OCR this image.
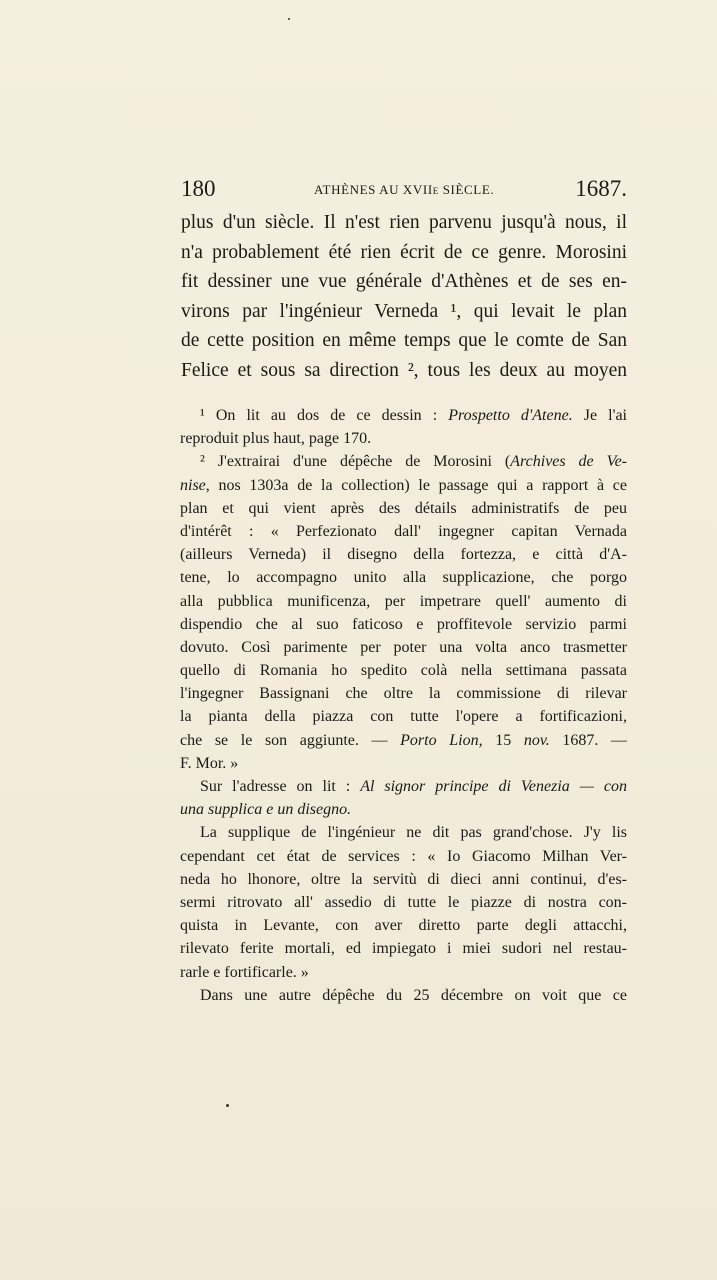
180	ATHÈNES AU XVIIe SIÈCLE.	1687.
plus d'un siècle. Il n'est rien parvenu jusqu'à nous, il
n'a probablement été rien écrit de ce genre. Morosini
fit dessiner une vue générale d'Athènes et de ses en-
virons par l'ingénieur Verneda ¹, qui levait le plan
de cette position en même temps que le comte de San
Felice et sous sa direction ², tous les deux au moyen
¹ On lit au dos de ce dessin : Prospetto d'Atene. Je l'ai
reproduit plus haut, page 170.
² J'extrairai d'une dépêche de Morosini (Archives de Ve-
nise, nos 1303a de la collection) le passage qui a rapport à ce
plan et qui vient après des détails administratifs de peu
d'intérêt : « Perfezionato dall' ingegner capitan Vernada
(ailleurs Verneda) il disegno della fortezza, e città d'A-
tene, lo accompagno unito alla supplicazione, che porgo
alla pubblica munificenza, per impetrare quell' aumento di
dispendio che al suo faticoso e proffitevole servizio parmi
dovuto. Così parimente per poter una volta anco trasmetter
quello di Romania ho spedito colà nella settimana passata
l'ingegner Bassignani che oltre la commissione di rilevar
la pianta della piazza con tutte l'opere a fortificazioni,
che se le son aggiunte. — Porto Lion, 15 nov. 1687. —
F. Mor. »
Sur l'adresse on lit : Al signor principe di Venezia — con
una supplica e un disegno.
La supplique de l'ingénieur ne dit pas grand'chose. J'y lis
cependant cet état de services : « Io Giacomo Milhan Ver-
neda ho lhonore, oltre la servitù di dieci anni continui, d'es-
sermi ritrovato all' assedio di tutte le piazze di nostra con-
quista in Levante, con aver diretto parte degli attacchi,
rilevato ferite mortali, ed impiegato i miei sudori nel restau-
rarle e fortificarle. »
Dans une autre dépêche du 25 décembre on voit que ce
